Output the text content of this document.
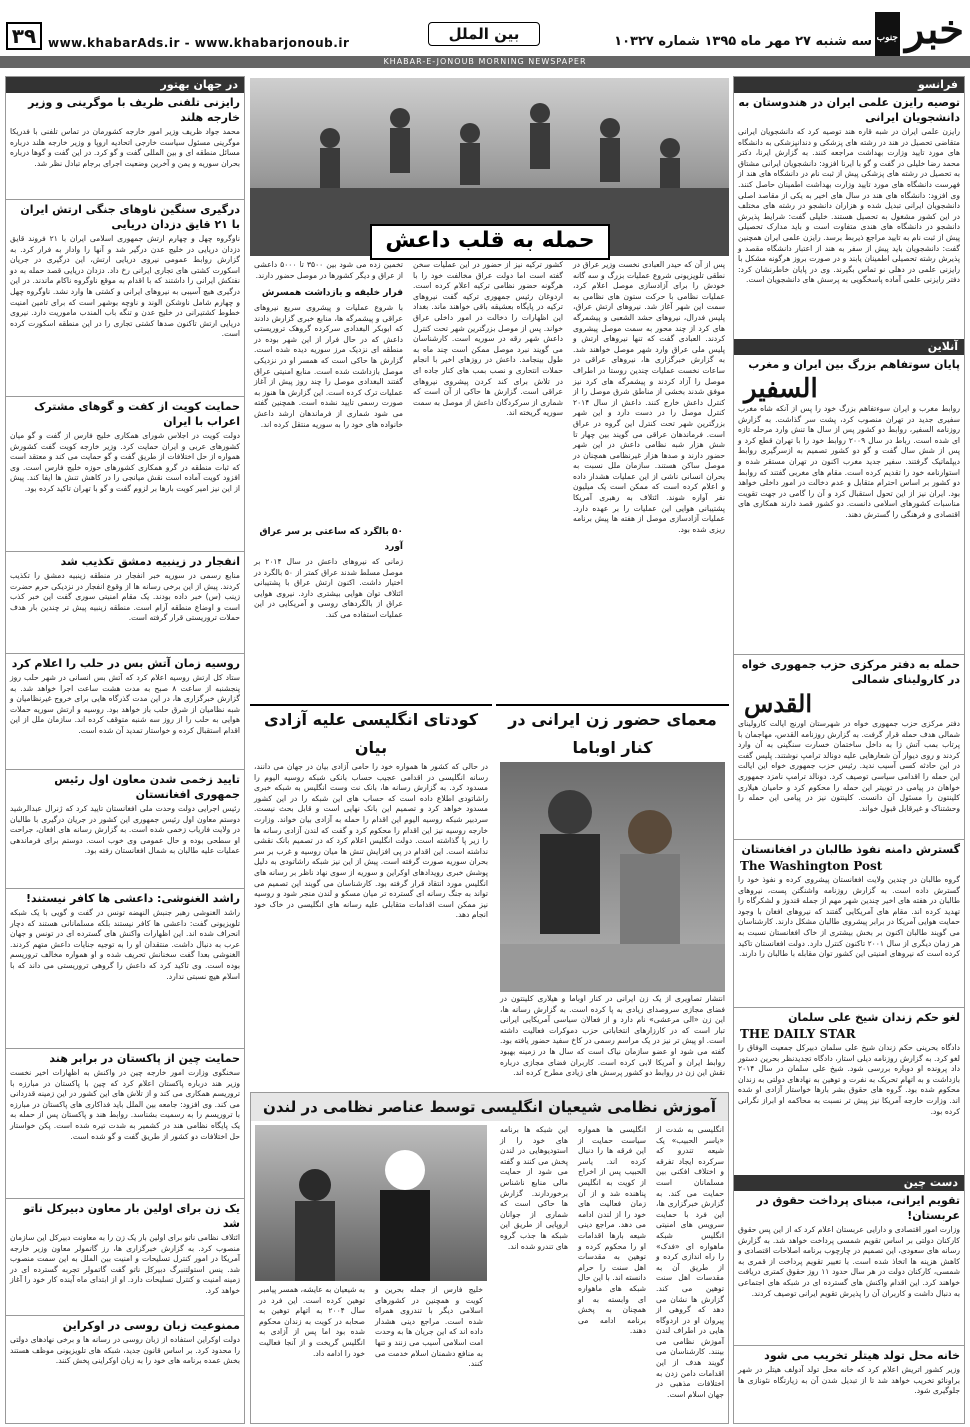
خبر
جنوب
سه شنبه ۲۷ مهر ماه ۱۳۹۵ شماره ۱۰۳۲۷
بین الملل
www.khabarAds.ir - www.khabarjonoub.ir
۳۹
KHABAR-E-JONOUB MORNING NEWSPAPER
فرانسو
توصیه رایزن علمی ایران در هندوستان به دانشجویان ایرانی
رایزن علمی ایران در شبه قاره هند توصیه کرد که دانشجویان ایرانی متقاضی تحصیل در هند در رشته های پزشکی و دندانپزشکی به دانشگاه های مورد تایید وزارت بهداشت مراجعه کنند. به گزارش ایرنا، دکتر محمد رضا خلیلی در گفت و گو با ایرنا افزود: دانشجویان ایرانی مشتاق به تحصیل در رشته های پزشکی پیش از ثبت نام در دانشگاه های هند از فهرست دانشگاه های مورد تایید وزارت بهداشت اطمینان حاصل کنند. وی افزود: دانشگاه های هند در سال های اخیر به یکی از مقاصد اصلی دانشجویان ایرانی تبدیل شده و هزاران دانشجو در رشته های مختلف در این کشور مشغول به تحصیل هستند. خلیلی گفت: شرایط پذیرش دانشجو در دانشگاه های هندی متفاوت است و باید مدارک تحصیلی پیش از ثبت نام به تایید مراجع ذیربط برسد. رایزن علمی ایران همچنین گفت: دانشجویان باید پیش از سفر به هند از اعتبار دانشگاه مقصد و پذیرش رشته تحصیلی اطمینان یابند و در صورت بروز هرگونه مشکل با رایزنی علمی در دهلی نو تماس بگیرند. وی در پایان خاطرنشان کرد: دفتر رایزنی علمی آماده پاسخگویی به پرسش های دانشجویان است.
آنلاین
پایان سوتفاهم بزرگ بین ایران و مغرب
السفير
روابط مغرب و ایران سوءتفاهم بزرگ خود را پس از آنکه شاه مغرب سفیری جدید در تهران منصوب کرد، پشت سر گذاشت. به گزارش روزنامه السفیر، روابط دو کشور پس از سال ها تنش وارد مرحله تازه ای شده است. رباط در سال ۲۰۰۹ روابط خود را با تهران قطع کرد و پس از شش سال گفت و گو دو کشور تصمیم به ازسرگیری روابط دیپلماتیک گرفتند. سفیر جدید مغرب اکنون در تهران مستقر شده و استوارنامه خود را تقدیم کرده است. مقام های مغربی گفتند که روابط دو کشور بر اساس احترام متقابل و عدم دخالت در امور داخلی خواهد بود. ایران نیز از این تحول استقبال کرد و آن را گامی در جهت تقویت مناسبات کشورهای اسلامی دانست. دو کشور قصد دارند همکاری های اقتصادی و فرهنگی را گسترش دهند.
حمله به دفتر مرکزی حزب جمهوری خواه در کارولینای شمالی
القدس
دفتر مرکزی حزب جمهوری خواه در شهرستان اورنج ایالت کارولینای شمالی هدف حمله قرار گرفت. به گزارش روزنامه القدس، مهاجمان با پرتاب بمب آتش زا به داخل ساختمان خسارت سنگینی به آن وارد کردند و روی دیوار آن شعارهایی علیه دونالد ترامپ نوشتند. پلیس گفت در این حادثه کسی آسیب ندید. رئیس حزب جمهوری خواه این ایالت این حمله را اقدامی سیاسی توصیف کرد. دونالد ترامپ نامزد جمهوری خواهان در پیامی در توییتر این حمله را محکوم کرد و حامیان هیلاری کلینتون را مسئول آن دانست. کلینتون نیز در پیامی این حمله را وحشتناک و غیرقابل قبول خواند.
گسترش دامنه نفوذ طالبان در افغانستان
The Washington Post
گروه طالبان در چندین ولایت افغانستان پیشروی کرده و نفوذ خود را گسترش داده است. به گزارش روزنامه واشنگتن پست، نیروهای طالبان در هفته های اخیر چندین شهر مهم از جمله قندوز و لشکرگاه را تهدید کرده اند. مقام های آمریکایی گفتند که نیروهای افغان با وجود حمایت هوایی آمریکا در برابر پیشروی طالبان مشکل دارند. کارشناسان می گویند طالبان اکنون بر بخش بیشتری از خاک افغانستان نسبت به هر زمان دیگری از سال ۲۰۰۱ تاکنون کنترل دارد. دولت افغانستان تاکید کرده است که نیروهای امنیتی این کشور توان مقابله با طالبان را دارند.
لغو حکم زندان شیخ علی سلمان
THE DAILY STAR
دادگاه بحرینی حکم زندان شیخ علی سلمان دبیرکل جمعیت الوفاق را لغو کرد. به گزارش روزنامه دیلی استار، دادگاه تجدیدنظر بحرین دستور داد پرونده او دوباره بررسی شود. شیخ علی سلمان در سال ۲۰۱۴ بازداشت و به اتهام تحریک به نفرت و توهین به نهادهای دولتی به زندان محکوم شده بود. گروه های حقوق بشر بارها خواستار آزادی او شده اند. وزارت خارجه آمریکا نیز پیش تر نسبت به محاکمه او ابراز نگرانی کرده بود.
دست چین
تقویم ایرانی، مبنای پرداخت حقوق در عربستان!
وزارت امور اقتصادی و دارایی عربستان اعلام کرد که از این پس حقوق کارکنان دولتی بر اساس تقویم شمسی پرداخت خواهد شد. به گزارش رسانه های سعودی، این تصمیم در چارچوب برنامه اصلاحات اقتصادی و کاهش هزینه ها اتخاذ شده است. با تغییر تقویم پرداخت از قمری به شمسی، کارکنان دولت در هر سال حدود ۱۱ روز حقوق کمتری دریافت خواهند کرد. این اقدام واکنش های گسترده ای در شبکه های اجتماعی به دنبال داشت و کاربران آن را پذیرش تقویم ایرانی توصیف کردند.
خانه محل تولد هیتلر تخریب می شود
وزیر کشور اتریش اعلام کرد که خانه محل تولد آدولف هیتلر در شهر براونائو تخریب خواهد شد تا از تبدیل شدن آن به زیارتگاه نئونازی ها جلوگیری شود.
حمله به قلب داعش
پس از آن که حیدر العبادی نخست وزیر عراق در نطقی تلویزیونی شروع عملیات بزرگ و سه گانه خودش را برای آزادسازی موصل اعلام کرد، عملیات نظامی با حرکت ستون های نظامی به سمت این شهر آغاز شد. نیروهای ارتش عراق، پلیس فدرال، نیروهای حشد الشعبی و پیشمرگه های کرد از چند محور به سمت موصل پیشروی کردند. العبادی گفت که تنها نیروهای ارتش و پلیس ملی عراق وارد شهر موصل خواهند شد. به گزارش خبرگزاری ها، نیروهای عراقی در ساعات نخست عملیات چندین روستا در اطراف موصل را آزاد کردند و پیشمرگه های کرد نیز موفق شدند بخشی از مناطق شرق موصل را از کنترل داعش خارج کنند. داعش از سال ۲۰۱۴ کنترل موصل را در دست دارد و این شهر بزرگترین شهر تحت کنترل این گروه در عراق است. فرماندهان عراقی می گویند بین چهار تا شش هزار شبه نظامی داعش در این شهر حضور دارند و صدها هزار غیرنظامی همچنان در موصل ساکن هستند. سازمان ملل نسبت به بحران انسانی ناشی از این عملیات هشدار داده و اعلام کرده است که ممکن است یک میلیون نفر آواره شوند. ائتلاف به رهبری آمریکا پشتیبانی هوایی این عملیات را بر عهده دارد. عملیات آزادسازی موصل از هفته ها پیش برنامه ریزی شده بود.
کشور ترکیه نیز از حضور در این عملیات سخن گفته است اما دولت عراق مخالفت خود را با هرگونه حضور نظامی ترکیه اعلام کرده است. اردوغان رئیس جمهوری ترکیه گفت نیروهای ترکیه در پایگاه بعشیقه باقی خواهند ماند. بغداد این اظهارات را دخالت در امور داخلی عراق خواند. پس از موصل بزرگترین شهر تحت کنترل داعش شهر رقه در سوریه است. کارشناسان می گویند نبرد موصل ممکن است چند ماه به طول بینجامد. داعش در روزهای اخیر با انجام حملات انتحاری و نصب بمب های کنار جاده ای در تلاش برای کند کردن پیشروی نیروهای عراقی است. گزارش ها حاکی از آن است که شماری از سرکردگان داعش از موصل به سمت سوریه گریخته اند.
تخمین زده می شود بین ۳۵۰۰ تا ۵۰۰۰ داعشی از عراق و دیگر کشورها در موصل حضور دارند.
فرار خلیفه و بازداشت همسرش
با شروع عملیات و پیشروی سریع نیروهای عراقی و پیشمرگه ها، منابع خبری گزارش دادند که ابوبکر البغدادی سرکرده گروهک تروریستی داعش که در حال فرار از این شهر بوده در منطقه ای نزدیک مرز سوریه دیده شده است. گزارش ها حاکی است که همسر او در نزدیکی موصل بازداشت شده است. منابع امنیتی عراق گفتند البغدادی موصل را چند روز پیش از آغاز عملیات ترک کرده است. این گزارش ها هنوز به صورت رسمی تایید نشده است. همچنین گفته می شود شماری از فرماندهان ارشد داعش خانواده های خود را به سوریه منتقل کرده اند.
۵۰ بالگرد که ساعتی بر سر عراق آورد
زمانی که نیروهای داعش در سال ۲۰۱۴ بر موصل مسلط شدند عراق کمتر از ۵۰ بالگرد در اختیار داشت. اکنون ارتش عراق با پشتیبانی ائتلاف توان هوایی بیشتری دارد. نیروی هوایی عراق از بالگردهای روسی و آمریکایی در این عملیات استفاده می کند.
معمای حضور زن ایرانی در کنار اوباما
انتشار تصاویری از یک زن ایرانی در کنار اوباما و هیلاری کلینتون در فضای مجازی سروصدای زیادی به پا کرده است. به گزارش رسانه ها، این زن «الی مرعشی» نام دارد و از فعالان سیاسی آمریکایی ایرانی تبار است که در کارزارهای انتخاباتی حزب دموکرات فعالیت داشته است. او پیش تر نیز در یک مراسم رسمی در کاخ سفید حضور یافته بود. گفته می شود او عضو سازمان نیاک است که سال ها در زمینه بهبود روابط ایران و آمریکا لابی کرده است. کاربران فضای مجازی درباره نقش این زن در روابط دو کشور پرسش های زیادی مطرح کرده اند.
کودتای انگلیسی علیه آزادی بیان
در حالی که کشور ها همواره خود را حامی آزادی بیان در جهان می دانند، رسانه انگلیسی در اقدامی عجیب حساب بانکی شبکه روسیه الیوم را مسدود کرد. به گزارش رسانه ها، بانک نت وست انگلیس به شبکه خبری راشاتودی اطلاع داده است که حساب های این شبکه را در این کشور مسدود خواهد کرد و تصمیم این بانک نهایی است و قابل بحث نیست. سردبیر شبکه روسیه الیوم این اقدام را حمله به آزادی بیان خواند. وزارت خارجه روسیه نیز این اقدام را محکوم کرد و گفت که لندن آزادی رسانه ها را زیر پا گذاشته است. دولت انگلیس اعلام کرد که در تصمیم بانک نقشی نداشته است. این اقدام در پی افزایش تنش ها میان روسیه و غرب بر سر بحران سوریه صورت گرفته است. پیش از این نیز شبکه راشاتودی به دلیل پوشش خبری رویدادهای اوکراین و سوریه از سوی نهاد ناظر بر رسانه های انگلیس مورد انتقاد قرار گرفته بود. کارشناسان می گویند این تصمیم می تواند به جنگ رسانه ای گسترده تر میان مسکو و لندن منجر شود و روسیه نیز ممکن است اقدامات متقابلی علیه رسانه های انگلیسی در خاک خود انجام دهد.
آموزش نظامی شیعیان انگلیسی توسط عناصر نظامی در لندن
انگلیسی به شدت از «یاسر الحبیب» یک شیعه تندرو که سرکرده ایجاد تفرقه و اختلاف افکنی بین مسلمانان است حمایت می کند. به گزارش خبرگزاری ها، این فرد با حمایت سرویس های امنیتی انگلیس شبکه ماهواره ای «فدک» را راه اندازی کرده و از طریق آن به مقدسات اهل سنت توهین می کند. گزارش ها نشان می دهد که گروهی از پیروان او در اردوگاه هایی در اطراف لندن آموزش نظامی می بینند. کارشناسان می گویند هدف از این اقدامات دامن زدن به اختلافات مذهبی در جهان اسلام است.
انگلیسی ها همواره سیاست حمایت از این فرقه ها را دنبال کرده اند. یاسر الحبیب پس از اخراج از کویت به انگلیس پناهنده شد و از آن زمان فعالیت های خود را از لندن ادامه می دهد. مراجع دینی شیعه بارها اقدامات او را محکوم کرده و توهین به مقدسات اهل سنت را حرام دانسته اند. با این حال شبکه های ماهواره ای وابسته به او همچنان به پخش برنامه ادامه می دهند.
این شبکه ها برنامه های خود را از استودیوهایی در لندن پخش می کنند و گفته می شود از حمایت مالی منابع ناشناس برخوردارند. گزارش ها حاکی است که شماری از جوانان اروپایی از طریق این شبکه ها جذب گروه های تندرو شده اند.
خلیج فارس از جمله بحرین و کویت و همچنین در کشورهای اسلامی دیگر با تندروی همراه شده است. مراجع دینی هشدار داده اند که این جریان ها به وحدت امت اسلامی آسیب می زنند و تنها به منافع دشمنان اسلام خدمت می کنند.
به شیعیان به عایشه، همسر پیامبر توهین کرده است. این فرد در سال ۲۰۰۴ به اتهام توهین به صحابه در کویت به زندان محکوم شده بود اما پس از آزادی به انگلیس گریخت و از آنجا فعالیت خود را ادامه داد.
در جهان بهتور
رایزنی تلفنی ظریف با موگرینی و وزیر خارجه هلند
محمد جواد ظریف وزیر امور خارجه کشورمان در تماس تلفنی با فدریکا موگرینی مسئول سیاست خارجی اتحادیه اروپا و وزیر خارجه هلند درباره مسائل منطقه ای و بین المللی گفت و گو کرد. در این گفت و گوها درباره بحران سوریه و یمن و آخرین وضعیت اجرای برجام تبادل نظر شد.
درگیری سنگین ناوهای جنگی ارتش ایران با ۲۱ قایق دزدان دریایی
ناوگروه چهل و چهارم ارتش جمهوری اسلامی ایران با ۲۱ فروند قایق دزدان دریایی در خلیج عدن درگیر شد و آنها را وادار به فرار کرد. به گزارش روابط عمومی نیروی دریایی ارتش، این درگیری در جریان اسکورت کشتی های تجاری ایرانی رخ داد. دزدان دریایی قصد حمله به دو نفتکش ایرانی را داشتند که با اقدام به موقع ناوگروه ناکام ماندند. در این درگیری هیچ آسیبی به نیروهای ایرانی و کشتی ها وارد نشد. ناوگروه چهل و چهارم شامل ناوشکن الوند و ناوچه بوشهر است که برای تامین امنیت خطوط کشتیرانی در خلیج عدن و تنگه باب المندب ماموریت دارد. نیروی دریایی ارتش تاکنون صدها کشتی تجاری را در این منطقه اسکورت کرده است.
حمایت کویت از کفت و گوهای مشترک اعراب با ایران
دولت کویت در اجلاس شورای همکاری خلیج فارس از گفت و گو میان کشورهای عربی و ایران حمایت کرد. وزیر خارجه کویت گفت کشورش همواره از حل اختلافات از طریق گفت و گو حمایت می کند و معتقد است که ثبات منطقه در گرو همکاری کشورهای حوزه خلیج فارس است. وی افزود کویت آماده است نقش میانجی را در کاهش تنش ها ایفا کند. پیش از این نیز امیر کویت بارها بر لزوم گفت و گو با تهران تاکید کرده بود.
انفجار در زینبیه دمشق تکذیب شد
منابع رسمی در سوریه خبر انفجار در منطقه زینبیه دمشق را تکذیب کردند. پیش از این برخی رسانه ها از وقوع انفجار در نزدیکی حرم حضرت زینب (س) خبر داده بودند. یک مقام امنیتی سوری گفت این خبر کذب است و اوضاع منطقه آرام است. منطقه زینبیه پیش تر چندین بار هدف حملات تروریستی قرار گرفته است.
روسیه زمان آتش بس در حلب را اعلام کرد
ستاد کل ارتش روسیه اعلام کرد که آتش بس انسانی در شهر حلب روز پنجشنبه از ساعت ۸ صبح به مدت هشت ساعت اجرا خواهد شد. به گزارش خبرگزاری ها، در این مدت گذرگاه هایی برای خروج غیرنظامیان و شبه نظامیان از شرق حلب باز خواهد بود. روسیه و ارتش سوریه حملات هوایی به حلب را از روز سه شنبه متوقف کرده اند. سازمان ملل از این اقدام استقبال کرده و خواستار تمدید آن شده است.
تایید زخمی شدن معاون اول رئیس جمهوری افغانستان
رئیس اجرایی دولت وحدت ملی افغانستان تایید کرد که ژنرال عبدالرشید دوستم معاون اول رئیس جمهوری این کشور در جریان درگیری با طالبان در ولایت فاریاب زخمی شده است. به گزارش رسانه های افغان، جراحت او سطحی بوده و حال عمومی وی خوب است. دوستم برای فرماندهی عملیات علیه طالبان به شمال افغانستان رفته بود.
راشد الغنوشی: داعشی ها کافر نیستند!
راشد الغنوشی رهبر جنبش النهضه تونس در گفت و گویی با یک شبکه تلویزیونی گفت: داعشی ها کافر نیستند بلکه مسلمانانی هستند که دچار انحراف شده اند. این اظهارات واکنش های گسترده ای در تونس و جهان عرب به دنبال داشت. منتقدان او را به توجیه جنایات داعش متهم کردند. الغنوشی بعدا گفت سخنانش تحریف شده و او همواره مخالف تروریسم بوده است. وی تاکید کرد که داعش را گروهی تروریستی می داند که با اسلام هیچ نسبتی ندارد.
حمایت چین از پاکستان در برابر هند
سخنگوی وزارت امور خارجه چین در واکنش به اظهارات اخیر نخست وزیر هند درباره پاکستان اعلام کرد که چین با پاکستان در مبارزه با تروریسم همکاری می کند و از تلاش های این کشور در این زمینه قدردانی می کند. وی افزود: جامعه بین الملل باید فداکاری های پاکستان در مبارزه با تروریسم را به رسمیت بشناسد. روابط هند و پاکستان پس از حمله به یک پایگاه نظامی هند در کشمیر به شدت تیره شده است. پکن خواستار حل اختلافات دو کشور از طریق گفت و گو شده است.
یک زن برای اولین بار معاون دبیرکل ناتو شد
ائتلاف نظامی ناتو برای اولین بار یک زن را به معاونت دبیرکل این سازمان منصوب کرد. به گزارش خبرگزاری ها، رز گاتمولر معاون وزیر خارجه آمریکا در امور کنترل تسلیحات و امنیت بین الملل به این سمت منصوب شد. ینس استولتنبرگ دبیرکل ناتو گفت گاتمولر تجربه گسترده ای در زمینه امنیت و کنترل تسلیحات دارد. او از ابتدای ماه آینده کار خود را آغاز خواهد کرد.
ممنوعیت زبان روسی در اوکراین
دولت اوکراین استفاده از زبان روسی در رسانه ها و برخی نهادهای دولتی را محدود کرد. بر اساس قانون جدید، شبکه های تلویزیونی موظف هستند بخش عمده برنامه های خود را به زبان اوکراینی پخش کنند.
